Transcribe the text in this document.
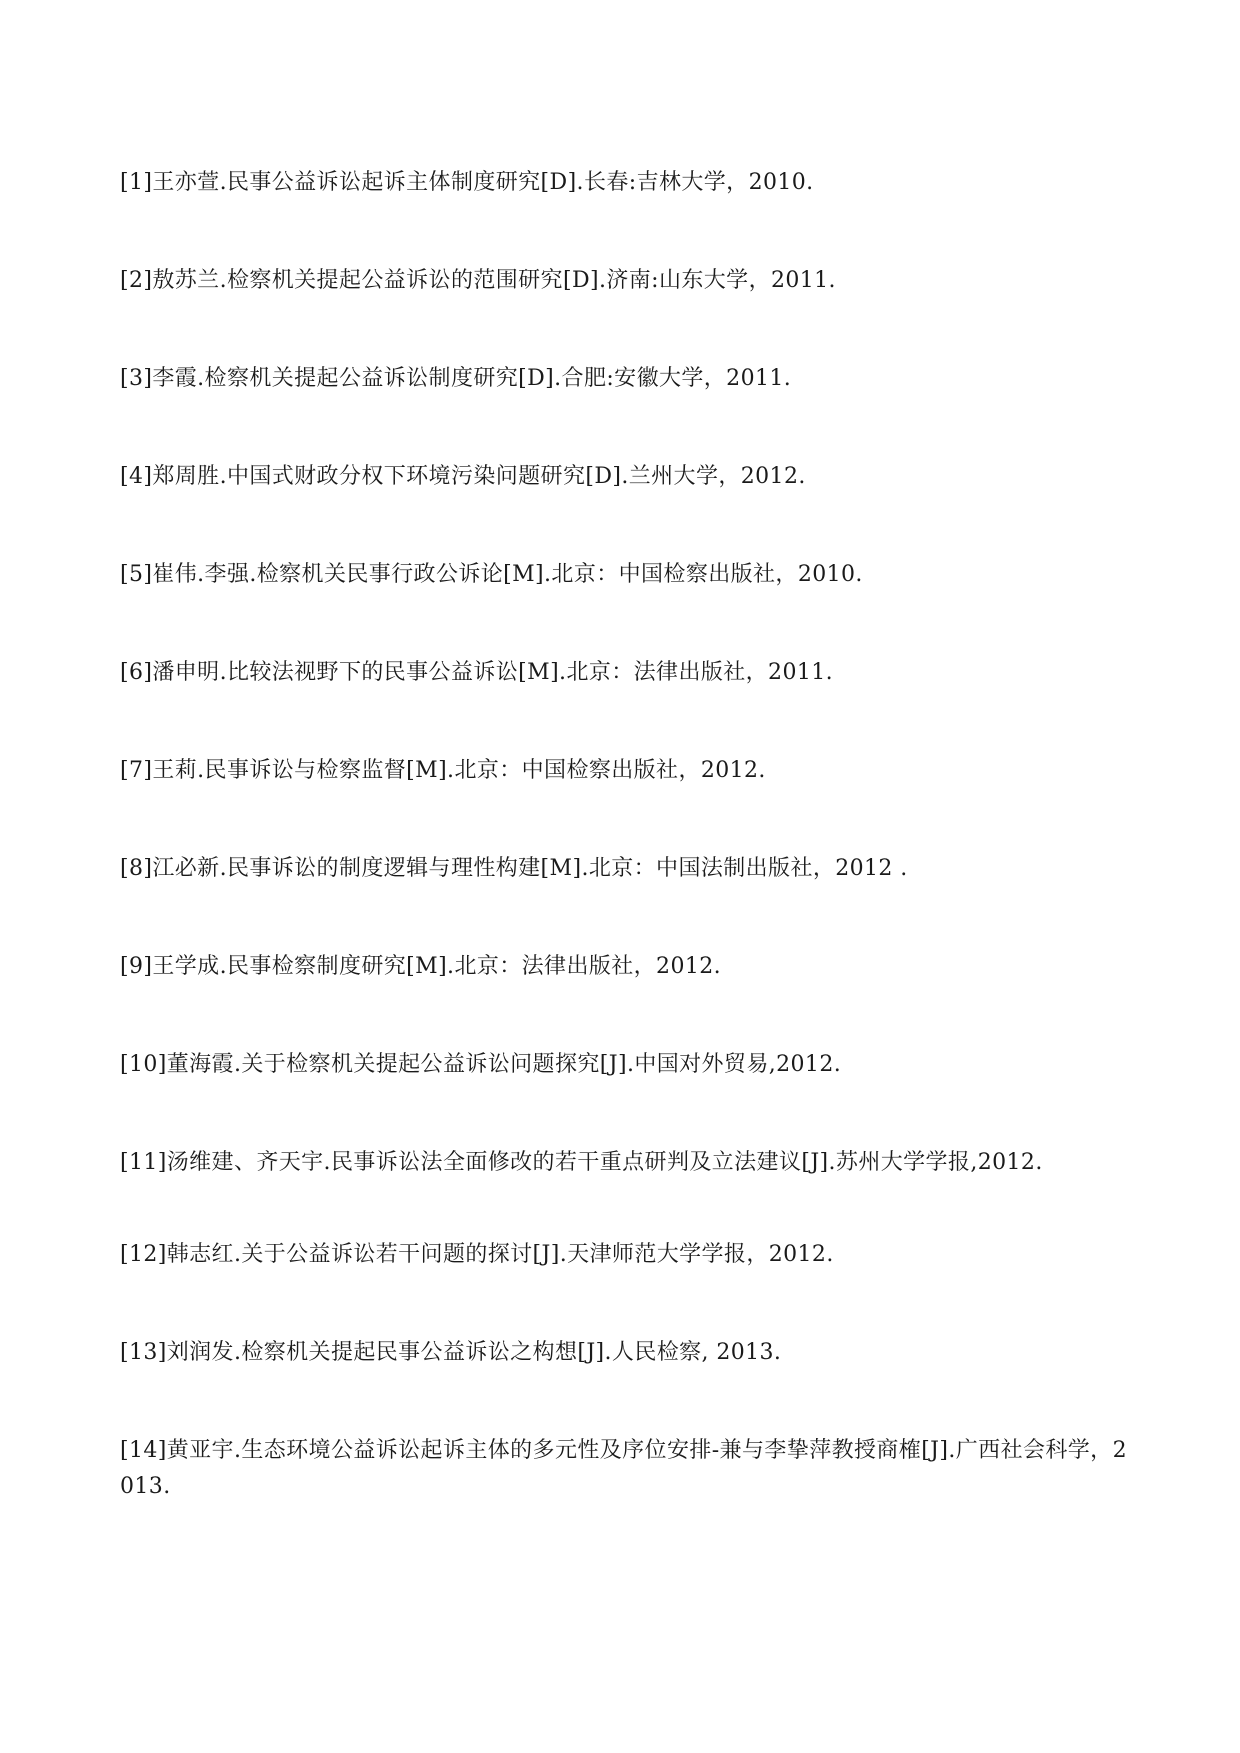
[1]王亦萱.民事公益诉讼起诉主体制度研究[D].长春:吉林大学，2010.
[2]敖苏兰.检察机关提起公益诉讼的范围研究[D].济南:山东大学，2011.
[3]李霞.检察机关提起公益诉讼制度研究[D].合肥:安徽大学，2011.
[4]郑周胜.中国式财政分权下环境污染问题研究[D].兰州大学，2012.
[5]崔伟.李强.检察机关民事行政公诉论[M].北京：中国检察出版社，2010.
[6]潘申明.比较法视野下的民事公益诉讼[M].北京：法律出版社，2011.
[7]王莉.民事诉讼与检察监督[M].北京：中国检察出版社，2012.
[8]江必新.民事诉讼的制度逻辑与理性构建[M].北京：中国法制出版社，2012 .
[9]王学成.民事检察制度研究[M].北京：法律出版社，2012.
[10]董海霞.关于检察机关提起公益诉讼问题探究[J].中国对外贸易,2012.
[11]汤维建、齐天宇.民事诉讼法全面修改的若干重点研判及立法建议[J].苏州大学学报,2012.
[12]韩志红.关于公益诉讼若干问题的探讨[J].天津师范大学学报，2012.
[13]刘润发.检察机关提起民事公益诉讼之构想[J].人民检察, 2013.
[14]黄亚宇.生态环境公益诉讼起诉主体的多元性及序位安排-兼与李挚萍教授商榷[J].广西社会科学，2013.
